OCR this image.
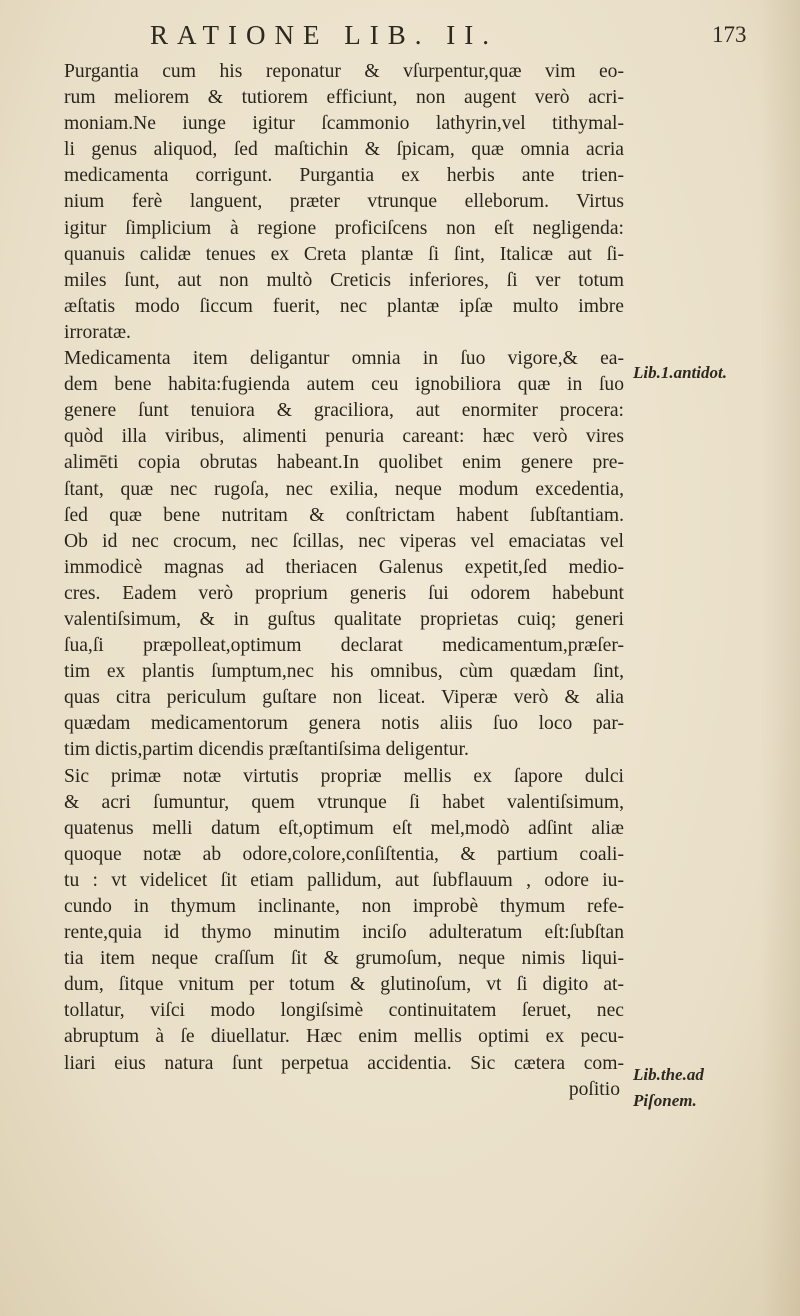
RATIONE LIB. II.	173
Purgantia cum his reponatur & vſurpentur,quæ vim eo-
rum meliorem & tutiorem efficiunt, non augent verò acri-
moniam.Ne iunge igitur ſcammonio lathyrin,vel tithymal-
li genus aliquod, ſed maſtichin & ſpicam, quæ omnia acria
medicamenta corrigunt. Purgantia ex herbis ante trien-
nium ferè languent, præter vtrunque elleborum. Virtus
igitur ſimplicium à regione proficiſcens non eſt negligenda:
quanuis calidæ tenues ex Creta plantæ ſi ſint, Italicæ aut ſi-
miles ſunt, aut non multò Creticis inferiores, ſi ver totum
æſtatis modo ſiccum fuerit, nec plantæ ipſæ multo imbre
irroratæ.
Medicamenta item deligantur omnia in ſuo vigore,& ea-
dem bene habita:fugienda autem ceu ignobiliora quæ in ſuo
genere ſunt tenuiora & graciliora, aut enormiter procera:
quòd illa viribus, alimenti penuria careant: hæc verò vires
alimēti copia obrutas habeant.In quolibet enim genere pre-
ſtant, quæ nec rugoſa, nec exilia, neque modum excedentia,
ſed quæ bene nutritam & conſtrictam habent ſubſtantiam.
Ob id nec crocum, nec ſcillas, nec viperas vel emaciatas vel
immodicè magnas ad theriacen Galenus expetit,ſed medio-
cres. Eadem verò proprium generis ſui odorem habebunt
valentiſsimum, & in guſtus qualitate proprietas cuiq; generi
ſua,ſi præpolleat,optimum declarat medicamentum,præſer-
tim ex plantis ſumptum,nec his omnibus, cùm quædam ſint,
quas citra periculum guſtare non liceat. Viperæ verò & alia
quædam medicamentorum genera notis aliis ſuo loco par-
tim dictis,partim dicendis præſtantiſsima deligentur.
Sic primæ notæ virtutis propriæ mellis ex ſapore dulci
& acri ſumuntur, quem vtrunque ſi habet valentiſsimum,
quatenus melli datum eſt,optimum eſt mel,modò adſint aliæ
quoque notæ ab odore,colore,conſiſtentia, & partium coali-
tu : vt videlicet ſit etiam pallidum, aut ſubflauum , odore iu-
cundo in thymum inclinante, non improbè thymum refe-
rente,quia id thymo minutim inciſo adulteratum eſt:ſubſtan
tia item neque craſſum ſit & grumoſum, neque nimis liqui-
dum, ſitque vnitum per totum & glutinoſum, vt ſi digito at-
tollatur, viſci modo longiſsimè continuitatem ſeruet, nec
abruptum à ſe diuellatur. Hæc enim mellis optimi ex pecu-
liari eius natura ſunt perpetua accidentia. Sic cætera com-
poſitio
Lib.1.antidot.
Lib.the.ad
Piſonem.
